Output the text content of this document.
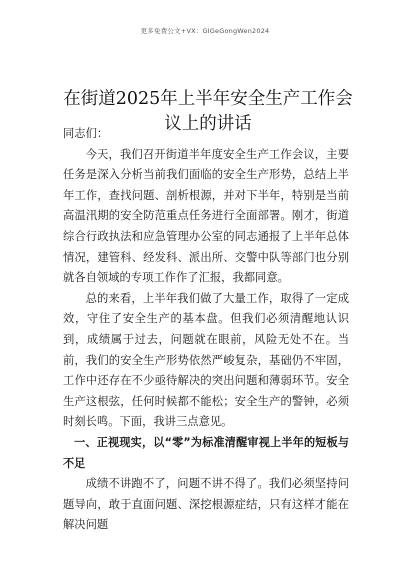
更多免费公文+VX：GIGeGongWen2024
在街道2025年上半年安全生产工作会议上的讲话

同志们：

今天，我们召开街道半年度安全生产工作会议，主要任务是深入分析当前我们面临的安全生产形势，总结上半年工作，查找问题、剖析根源，并对下半年，特别是当前高温汛期的安全防范重点任务进行全面部署。刚才，街道综合行政执法和应急管理办公室的同志通报了上半年总体情况，建管科、经发科、派出所、交警中队等部门也分别就各自领域的专项工作作了汇报，我都同意。

总的来看，上半年我们做了大量工作，取得了一定成效，守住了安全生产的基本盘。但我们必须清醒地认识到，成绩属于过去，问题就在眼前，风险无处不在。当前，我们的安全生产形势依然严峻复杂，基础仍不牢固，工作中还存在不少亟待解决的突出问题和薄弱环节。安全生产这根弦，任何时候都不能松；安全生产的警钟，必须时刻长鸣。下面，我讲三点意见。

一、正视现实，以“零”为标准清醒审视上半年的短板与不足

成绩不讲跑不了，问题不讲不得了。我们必须坚持问题导向，敢于直面问题、深挖根源症结，只有这样才能在解决问题
